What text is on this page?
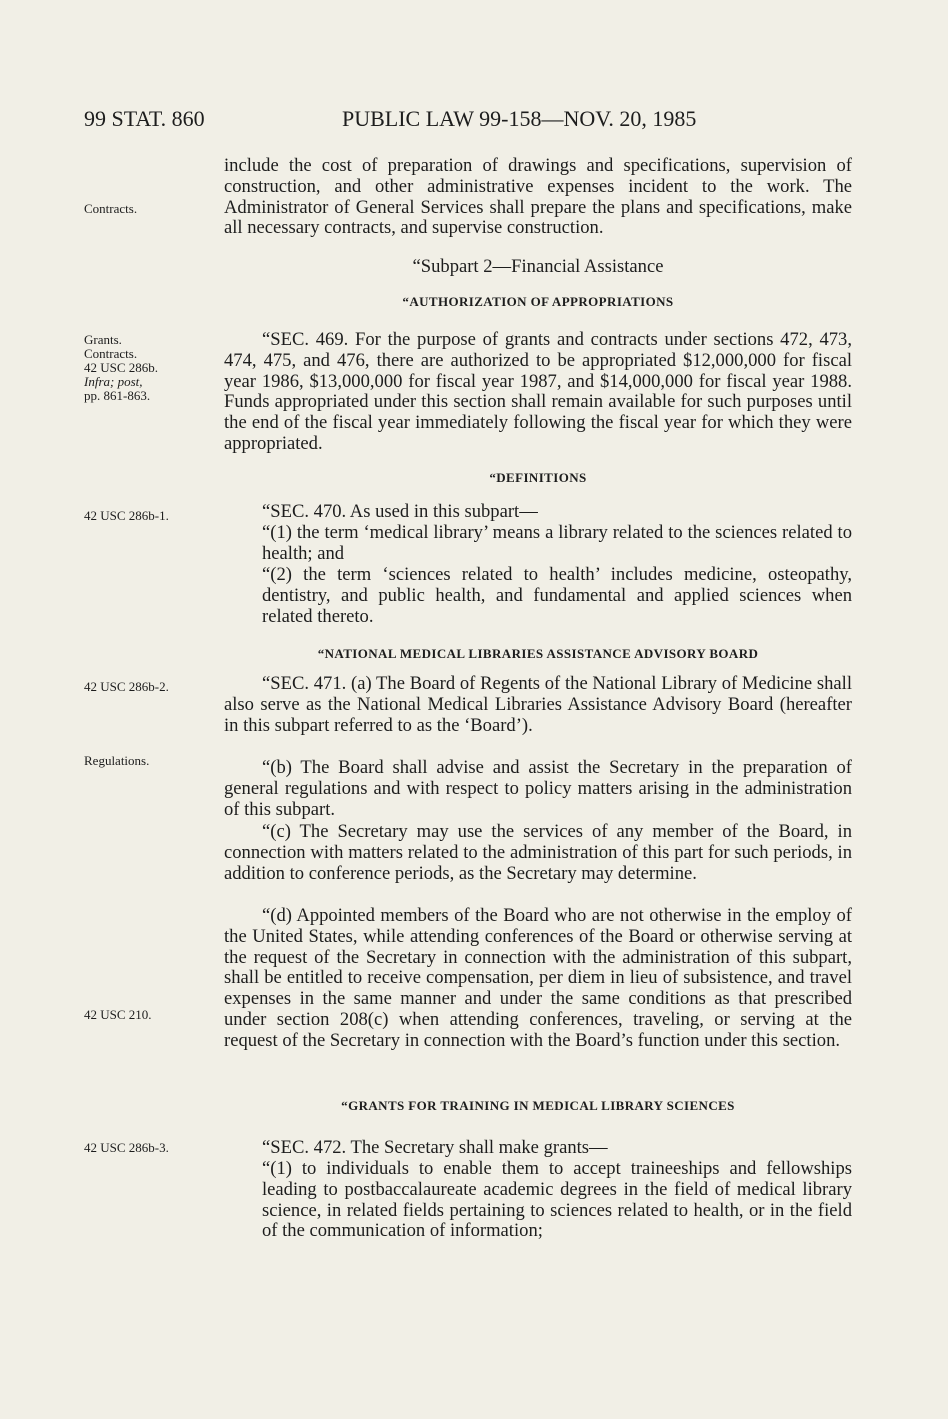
99 STAT. 860	PUBLIC LAW 99-158—NOV. 20, 1985
Contracts.
Grants.
Contracts.
42 USC 286b.
Infra; post,
pp. 861-863.
42 USC 286b-1.
42 USC 286b-2.
Regulations.
42 USC 210.
42 USC 286b-3.

include the cost of preparation of drawings and specifications, supervision of construction, and other administrative expenses incident to the work. The Administrator of General Services shall prepare the plans and specifications, make all necessary contracts, and supervise construction.

“Subpart 2—Financial Assistance
“AUTHORIZATION OF APPROPRIATIONS

“SEC. 469. For the purpose of grants and contracts under sections 472, 473, 474, 475, and 476, there are authorized to be appropriated $12,000,000 for fiscal year 1986, $13,000,000 for fiscal year 1987, and $14,000,000 for fiscal year 1988. Funds appropriated under this section shall remain available for such purposes until the end of the fiscal year immediately following the fiscal year for which they were appropriated.

“DEFINITIONS

“SEC. 470. As used in this subpart—

“(1) the term ‘medical library’ means a library related to the sciences related to health; and

“(2) the term ‘sciences related to health’ includes medicine, osteopathy, dentistry, and public health, and fundamental and applied sciences when related thereto.

“NATIONAL MEDICAL LIBRARIES ASSISTANCE ADVISORY BOARD

“SEC. 471. (a) The Board of Regents of the National Library of Medicine shall also serve as the National Medical Libraries Assistance Advisory Board (hereafter in this subpart referred to as the ‘Board’).

“(b) The Board shall advise and assist the Secretary in the preparation of general regulations and with respect to policy matters arising in the administration of this subpart.

“(c) The Secretary may use the services of any member of the Board, in connection with matters related to the administration of this part for such periods, in addition to conference periods, as the Secretary may determine.

“(d) Appointed members of the Board who are not otherwise in the employ of the United States, while attending conferences of the Board or otherwise serving at the request of the Secretary in connection with the administration of this subpart, shall be entitled to receive compensation, per diem in lieu of subsistence, and travel expenses in the same manner and under the same conditions as that prescribed under section 208(c) when attending conferences, traveling, or serving at the request of the Secretary in connection with the Board’s function under this section.

“GRANTS FOR TRAINING IN MEDICAL LIBRARY SCIENCES

“SEC. 472. The Secretary shall make grants—

“(1) to individuals to enable them to accept traineeships and fellowships leading to postbaccalaureate academic degrees in the field of medical library science, in related fields pertaining to sciences related to health, or in the field of the communication of information;
